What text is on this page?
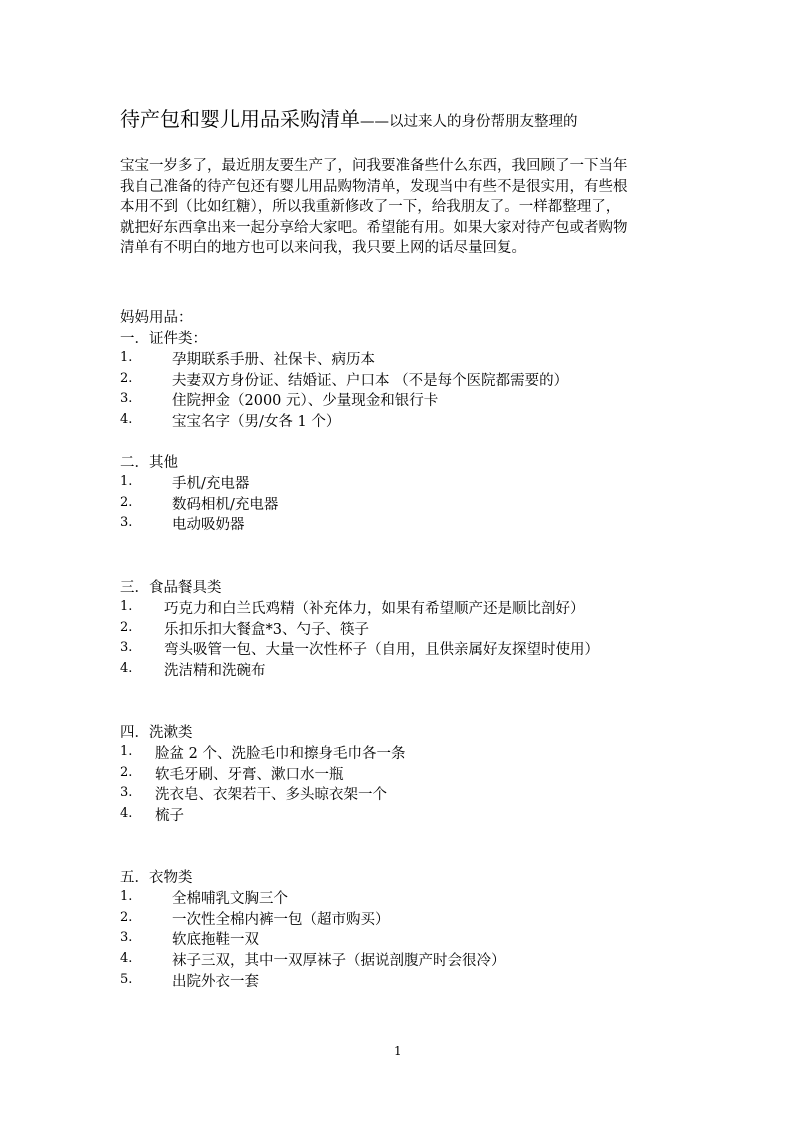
待产包和婴儿用品采购清单——以过来人的身份帮朋友整理的

宝宝一岁多了，最近朋友要生产了，问我要准备些什么东西，我回顾了一下当年

我自己准备的待产包还有婴儿用品购物清单，发现当中有些不是很实用，有些根

本用不到（比如红糖），所以我重新修改了一下，给我朋友了。一样都整理了，

就把好东西拿出来一起分享给大家吧。希望能有用。如果大家对待产包或者购物

清单有不明白的地方也可以来问我，我只要上网的话尽量回复。

妈妈用品：
一．证件类：
1.	孕期联系手册、社保卡、病历本
2.	夫妻双方身份证、结婚证、户口本 （不是每个医院都需要的）
3.	住院押金（2000 元）、少量现金和银行卡
4.	宝宝名字（男/女各 1 个）
二．其他
1.	手机/充电器
2.	数码相机/充电器
3.	电动吸奶器
三．食品餐具类
1. 巧克力和白兰氏鸡精（补充体力，如果有希望顺产还是顺比剖好）
2. 乐扣乐扣大餐盒*3、勺子、筷子
3. 弯头吸管一包、大量一次性杯子（自用，且供亲属好友探望时使用）
4. 洗洁精和洗碗布
四．洗漱类
1. 脸盆 2 个、洗脸毛巾和擦身毛巾各一条
2. 软毛牙刷、牙膏、漱口水一瓶
3. 洗衣皂、衣架若干、多头晾衣架一个
4. 梳子
五．衣物类
1.	全棉哺乳文胸三个
2.	一次性全棉内裤一包（超市购买）
3.	软底拖鞋一双
4.	袜子三双，其中一双厚袜子（据说剖腹产时会很冷）
5.	出院外衣一套
1
